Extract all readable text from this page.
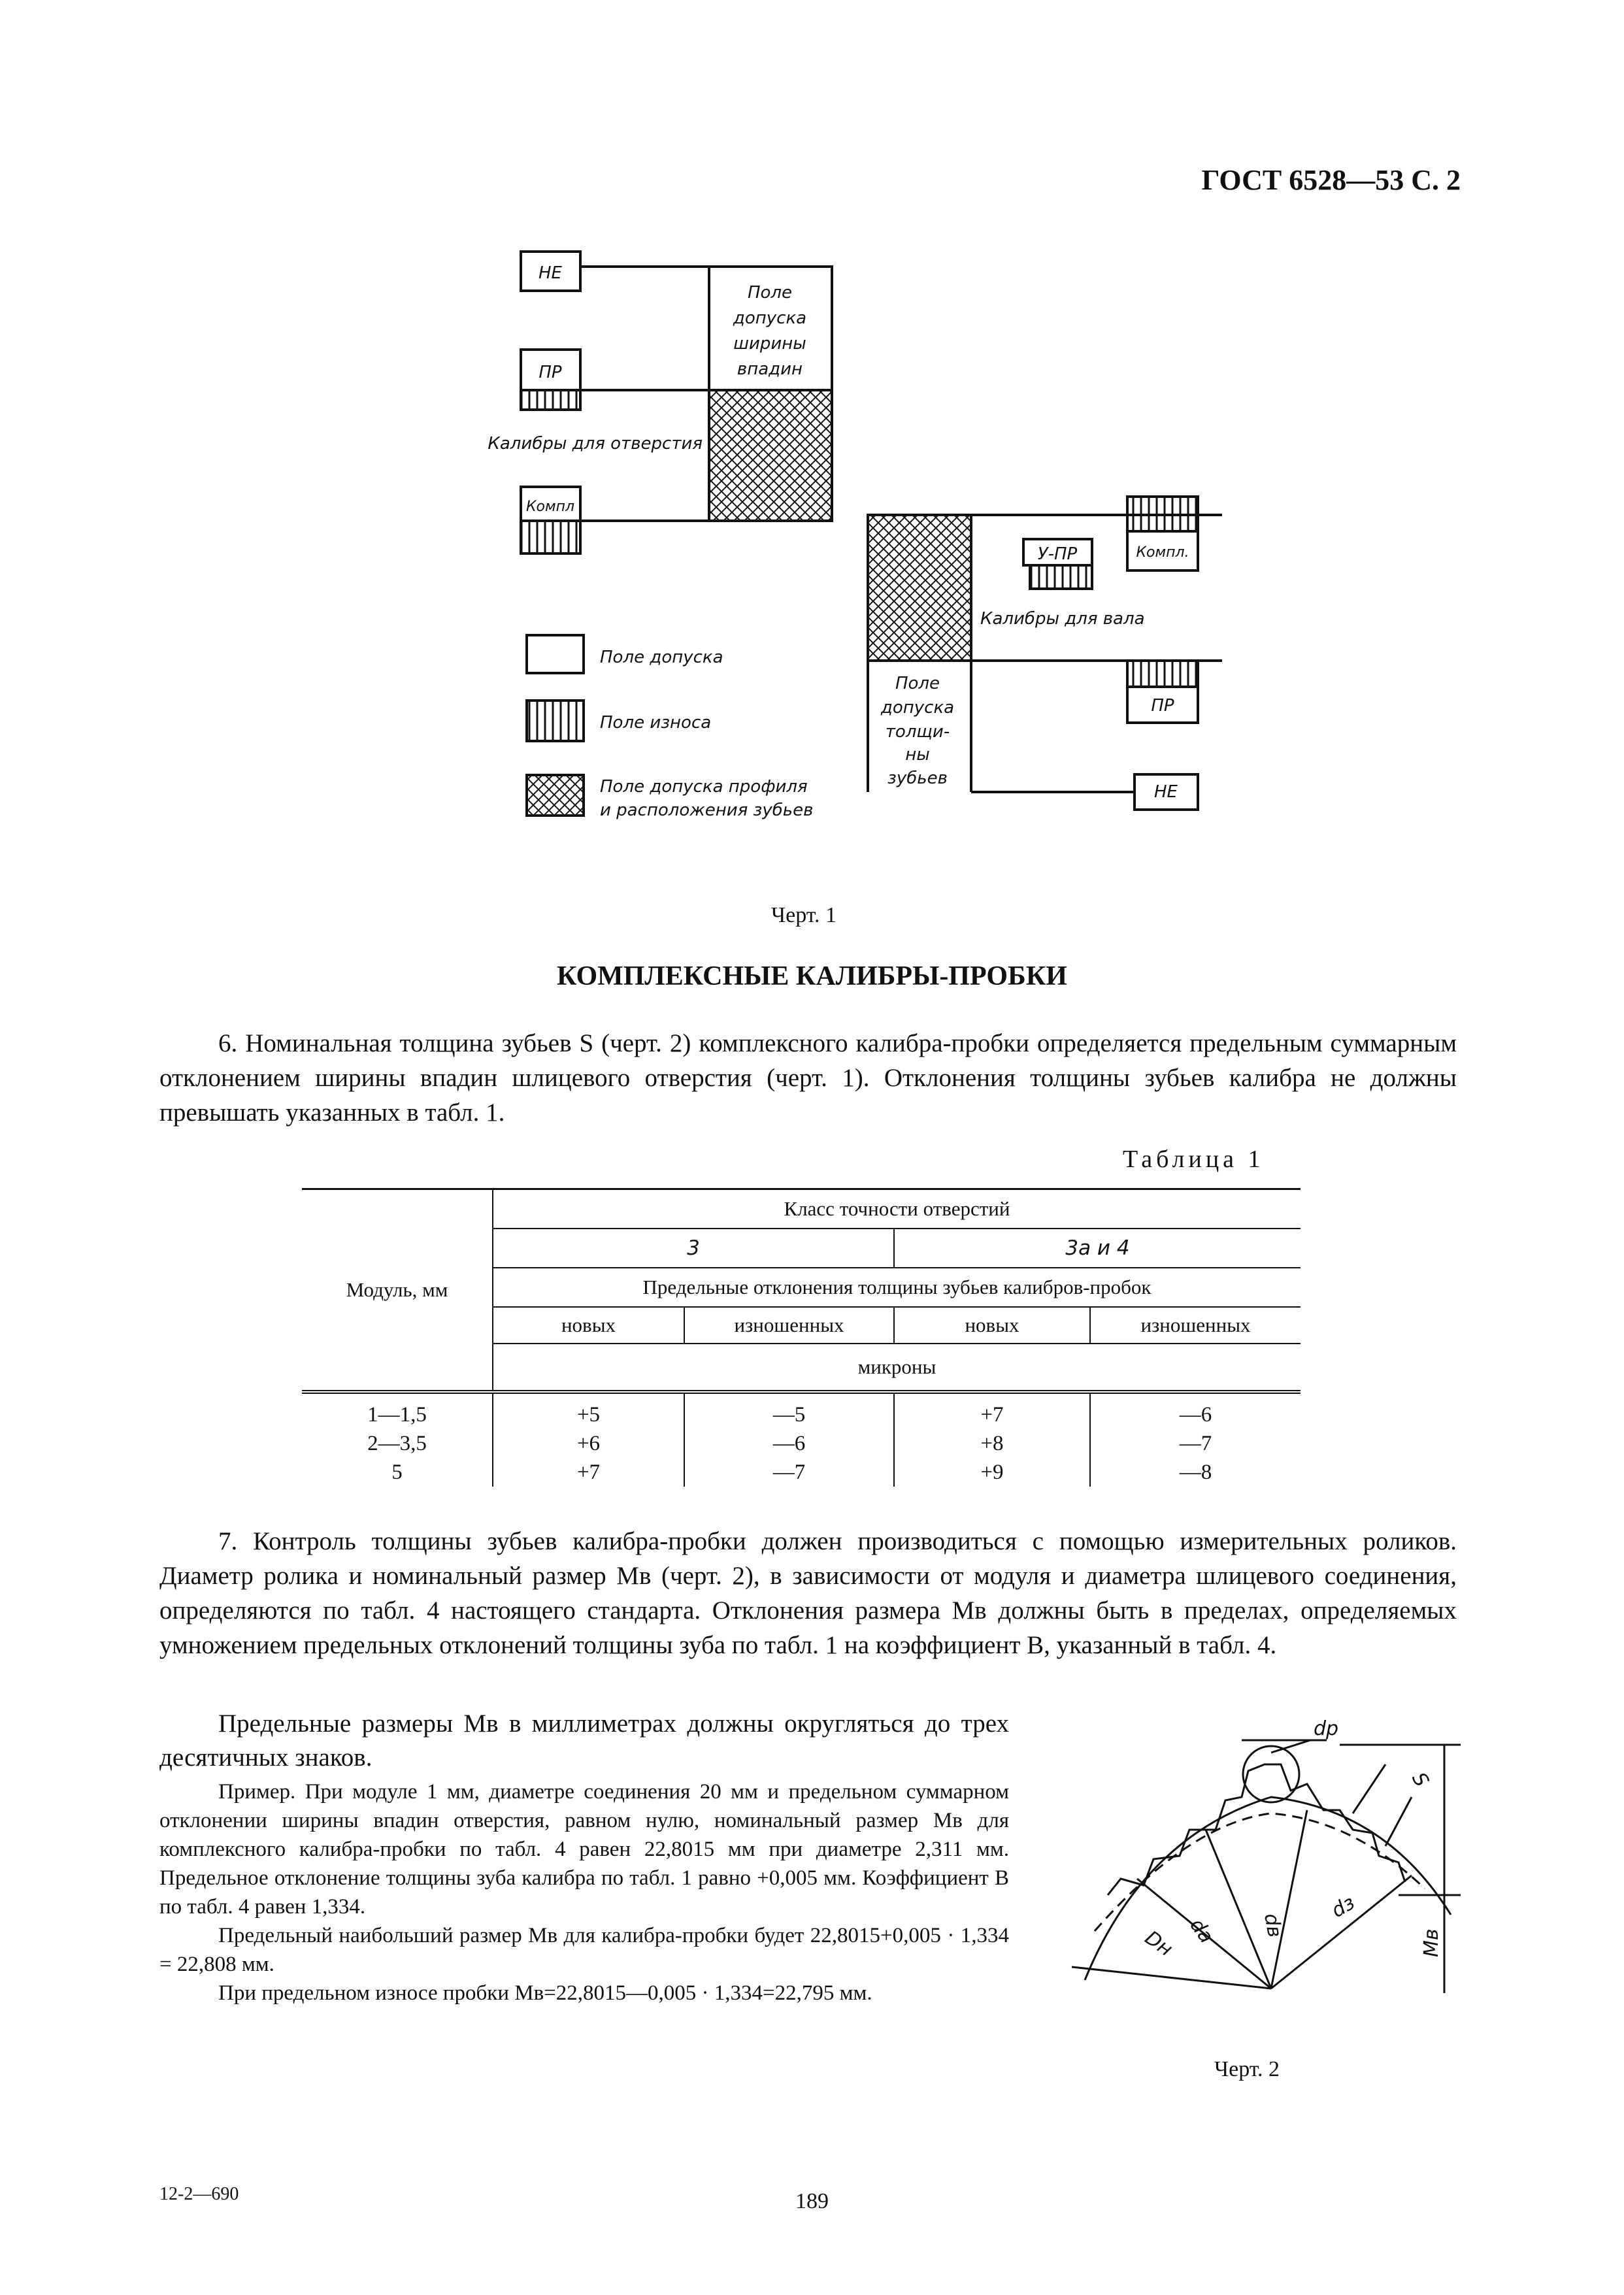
ГОСТ 6528—53 С. 2
НЕ
ПР
Компл
Поле
допуска
ширины
впадин
Калибры для отверстия
Поле допуска
Поле износа
Поле допуска профиля
и расположения зубьев
У-ПР	Компл.
Калибры для вала
ПР
НЕ
Поле
допуска
толщи-
ны
зубьев
Черт. 1
КОМПЛЕКСНЫЕ КАЛИБРЫ-ПРОБКИ
6. Номинальная толщина зубьев S (черт. 2) комплексного калибра-пробки определяется предельным суммарным отклонением ширины впадин шлицевого отверстия (черт. 1). Отклонения толщины зубьев калибра не должны превышать указанных в табл. 1.
Таблица 1
Модуль, мм	Класс точности отверстий			
	3		3а и 4	
	Предельные отклонения толщины зубьев калибров-пробок			
	новых	изношенных	новых	изношенных
	микроны			
1—1,5	+5	—5	+7	—6
2—3,5	+6	—6	+8	—7
5	+7	—7	+9	—8
7. Контроль толщины зубьев калибра-пробки должен производиться с помощью измерительных роликов. Диаметр ролика и номинальный размер Mв (черт. 2), в зависимости от модуля и диаметра шлицевого соединения, определяются по табл. 4 настоящего стандарта. Отклонения размера Mв должны быть в пределах, определяемых умножением предельных отклонений толщины зуба по табл. 1 на коэффициент B, указанный в табл. 4.
Предельные размеры Mв в миллиметрах должны округляться до трех десятичных знаков.
Пример. При модуле 1 мм, диаметре соединения 20 мм и предельном суммарном отклонении ширины впадин отверстия, равном нулю, номинальный размер Mв для комплексного калибра-пробки по табл. 4 равен 22,8015 мм при диаметре 2,311 мм. Предельное отклонение толщины зуба калибра по табл. 1 равно +0,005 мм. Коэффициент B по табл. 4 равен 1,334.
Предельный наибольший размер Mв для калибра-пробки будет 22,8015+0,005 · 1,334 = 22,808 мм.
При предельном износе пробки Mв=22,8015—0,005 · 1,334=22,795 мм.
dр
S
dв
dз
Mв
Dн dа
Черт. 2
12-2—690	189
